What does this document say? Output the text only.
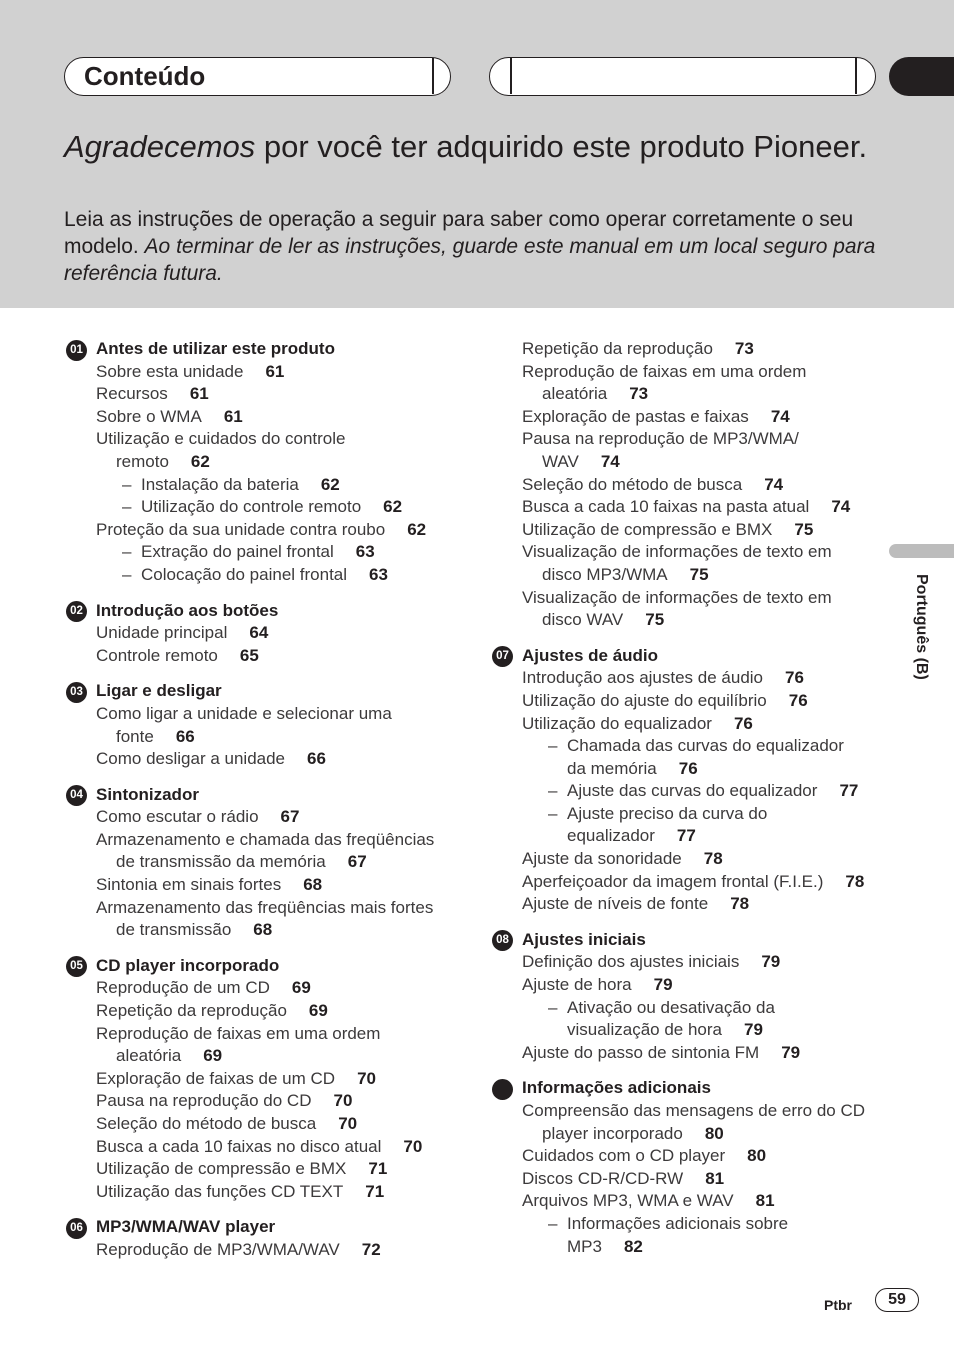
Conteúdo
Agradecemos por você ter adquirido este produto Pioneer.

Leia as instruções de operação a seguir para saber como operar corretamente o seu modelo. Ao terminar de ler as instruções, guarde este manual em um local seguro para referência futura.

01 Antes de utilizar este produto
Sobre esta unidade 61
Recursos 61
Sobre o WMA 61
Utilização e cuidados do controle
remoto 62
– Instalação da bateria 62
– Utilização do controle remoto 62
Proteção da sua unidade contra roubo 62
– Extração do painel frontal 63
– Colocação do painel frontal 63
02 Introdução aos botões
Unidade principal 64
Controle remoto 65
03 Ligar e desligar
Como ligar a unidade e selecionar uma
fonte 66
Como desligar a unidade 66
04 Sintonizador
Como escutar o rádio 67
Armazenamento e chamada das freqüências
de transmissão da memória 67
Sintonia em sinais fortes 68
Armazenamento das freqüências mais fortes
de transmissão 68
05 CD player incorporado
Reprodução de um CD 69
Repetição da reprodução 69
Reprodução de faixas em uma ordem
aleatória 69
Exploração de faixas de um CD 70
Pausa na reprodução do CD 70
Seleção do método de busca 70
Busca a cada 10 faixas no disco atual 70
Utilização de compressão e BMX 71
Utilização das funções CD TEXT 71
06 MP3/WMA/WAV player
Reprodução de MP3/WMA/WAV 72
Repetição da reprodução 73
Reprodução de faixas em uma ordem
aleatória 73
Exploração de pastas e faixas 74
Pausa na reprodução de MP3/WMA/
WAV 74
Seleção do método de busca 74
Busca a cada 10 faixas na pasta atual 74
Utilização de compressão e BMX 75
Visualização de informações de texto em
disco MP3/WMA 75
Visualização de informações de texto em
disco WAV 75
07 Ajustes de áudio
Introdução aos ajustes de áudio 76
Utilização do ajuste do equilíbrio 76
Utilização do equalizador 76
– Chamada das curvas do equalizador
da memória 76
– Ajuste das curvas do equalizador 77
– Ajuste preciso da curva do
equalizador 77
Ajuste da sonoridade 78
Aperfeiçoador da imagem frontal (F.I.E.) 78
Ajuste de níveis de fonte 78
08 Ajustes iniciais
Definição dos ajustes iniciais 79
Ajuste de hora 79
– Ativação ou desativação da
visualização de hora 79
Ajuste do passo de sintonia FM 79
Informações adicionais
Compreensão das mensagens de erro do CD
player incorporado 80
Cuidados com o CD player 80
Discos CD-R/CD-RW 81
Arquivos MP3, WMA e WAV 81
– Informações adicionais sobre
MP3 82
Português (B)
Ptbr	59
